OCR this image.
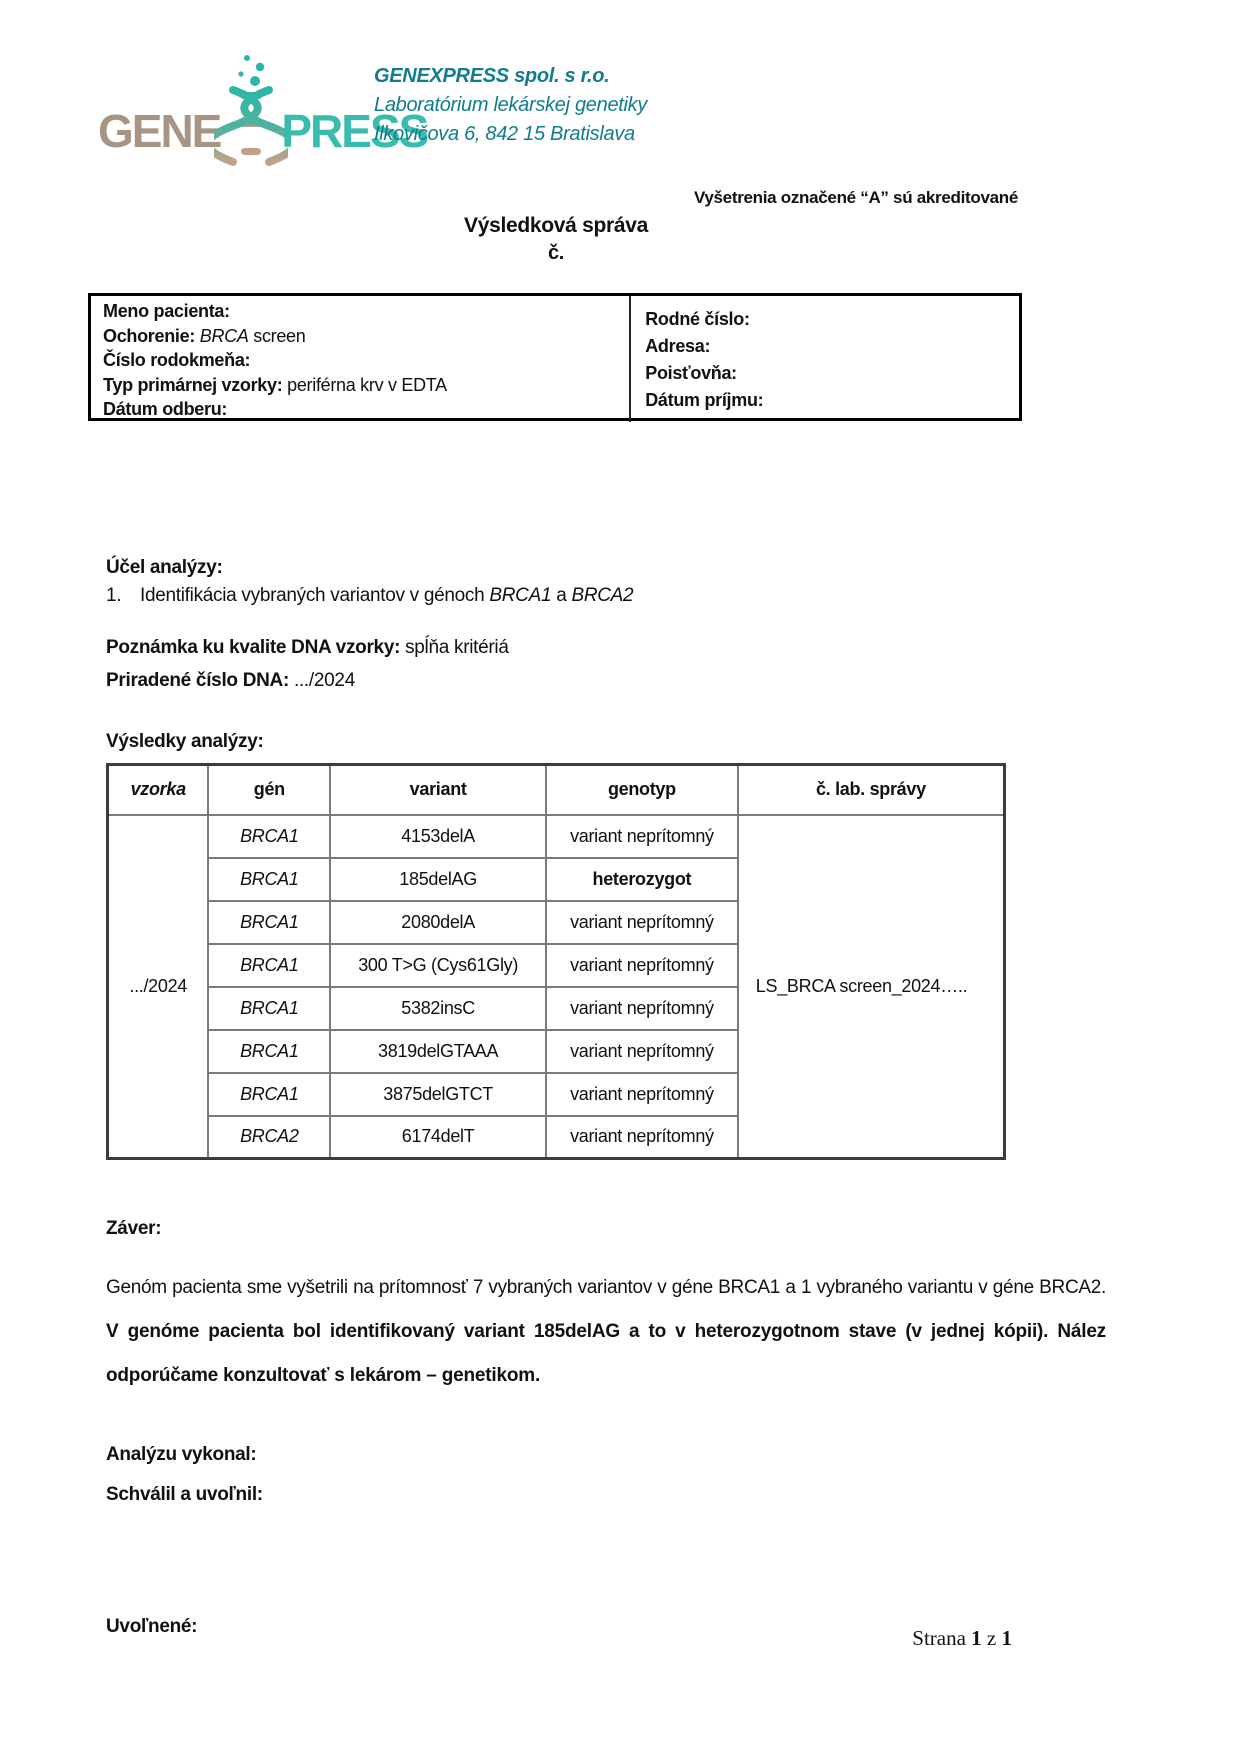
GENE PRESS
GENEXPRESS spol. s r.o.
Laboratórium lekárskej genetiky
Ilkovičova 6, 842 15 Bratislava
Vyšetrenia označené “A” sú akreditované
Výsledková správa
č.
Meno pacienta:
Ochorenie: BRCA screen
Číslo rodokmeňa:
Typ primárnej vzorky: periférna krv v EDTA
Dátum odberu:
Rodné číslo:
Adresa:
Poisťovňa:
Dátum príjmu:
Účel analýzy:
1. Identifikácia vybraných variantov v génoch BRCA1 a BRCA2
Poznámka ku kvalite DNA vzorky: spĺňa kritériá
Priradené číslo DNA: .../2024
Výsledky analýzy:
vzorka	gén	variant	genotyp	č. lab. správy
.../2024	BRCA1	4153delA	variant neprítomný	LS_BRCA screen_2024…..
	BRCA1	185delAG	heterozygot	
	BRCA1	2080delA	variant neprítomný	
	BRCA1	300 T>G (Cys61Gly)	variant neprítomný	
	BRCA1	5382insC	variant neprítomný	
	BRCA1	3819delGTAAA	variant neprítomný	
	BRCA1	3875delGTCT	variant neprítomný	
	BRCA2	6174delT	variant neprítomný	
Záver:
Genóm pacienta sme vyšetrili na prítomnosť 7 vybraných variantov v géne BRCA1 a 1 vybraného variantu v géne BRCA2. V genóme pacienta bol identifikovaný variant 185delAG a to v heterozygotnom stave (v jednej kópii). Nález odporúčame konzultovať s lekárom – genetikom.
Analýzu vykonal:
Schválil a uvoľnil:
Uvoľnené:	Strana 1 z 1
